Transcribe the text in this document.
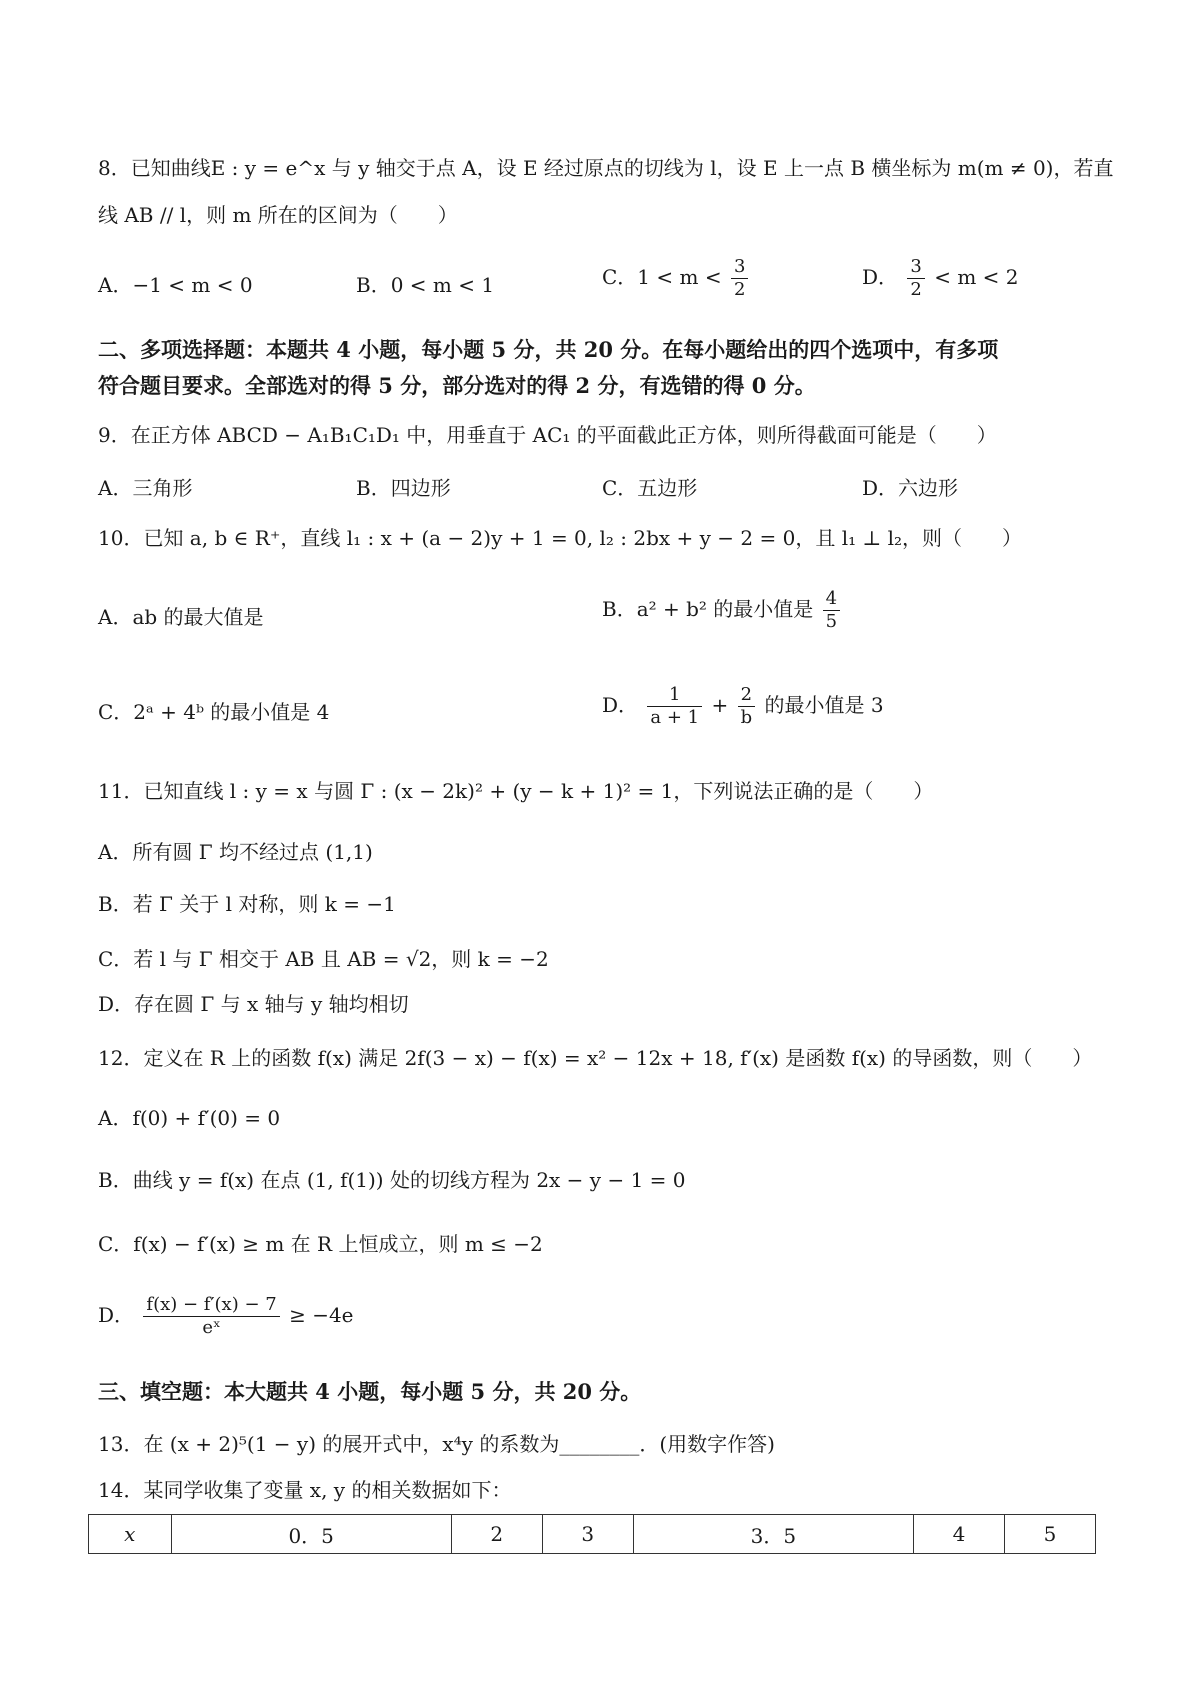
8．已知曲线E : y = e^x 与 y 轴交于点 A，设 E 经过原点的切线为 l，设 E 上一点 B 横坐标为 m(m ≠ 0)，若直
线 AB // l，则 m 所在的区间为（　　）
A．−1 < m < 0	B．0 < m < 1	C．$1 < m < \frac{3}{2}$	D． $\frac{3}{2} < m < 2$
二、多项选择题：本题共 4 小题，每小题 5 分，共 20 分。在每小题给出的四个选项中，有多项
符合题目要求。全部选对的得 5 分，部分选对的得 2 分，有选错的得 0 分。
9．在正方体 ABCD − A₁B₁C₁D₁ 中，用垂直于 AC₁ 的平面截此正方体，则所得截面可能是（　　）
A．三角形	B．四边形	C．五边形	D．六边形
10．已知 a, b ∈ R⁺，直线 l₁ : x + (a − 2)y + 1 = 0, l₂ : 2bx + y − 2 = 0，且 l₁ ⊥ l₂，则（　　）
A．ab 的最大值是	B．a² + b² 的最小值是 $\frac{4}{5}$
C．2ᵃ + 4ᵇ 的最小值是 4	D． $\frac{1}{a + 1} + \frac{2}{b}$ 的最小值是 3
11．已知直线 l : y = x 与圆 Γ : (x − 2k)² + (y − k + 1)² = 1，下列说法正确的是（　　）
A．所有圆 Γ 均不经过点 (1,1)
B．若 Γ 关于 l 对称，则 k = −1
C．若 l 与 Γ 相交于 AB 且 AB = √2，则 k = −2
D．存在圆 Γ 与 x 轴与 y 轴均相切
12．定义在 R 上的函数 f(x) 满足 2f(3 − x) − f(x) = x² − 12x + 18, f′(x) 是函数 f(x) 的导函数，则（　　）
A．f(0) + f′(0) = 0
B．曲线 y = f(x) 在点 (1, f(1)) 处的切线方程为 2x − y − 1 = 0
C．f(x) − f′(x) ≥ m 在 R 上恒成立，则 m ≤ −2
D． $\frac{f(x) - f'(x) - 7}{\text{eˣ}} \ge -4e$
三、填空题：本大题共 4 小题，每小题 5 分，共 20 分。
13．在 (x + 2)⁵(1 − y) 的展开式中，x⁴y 的系数为________．(用数字作答)
14．某同学收集了变量 x, y 的相关数据如下：
x	0．5	2	3	3．5	4	5
